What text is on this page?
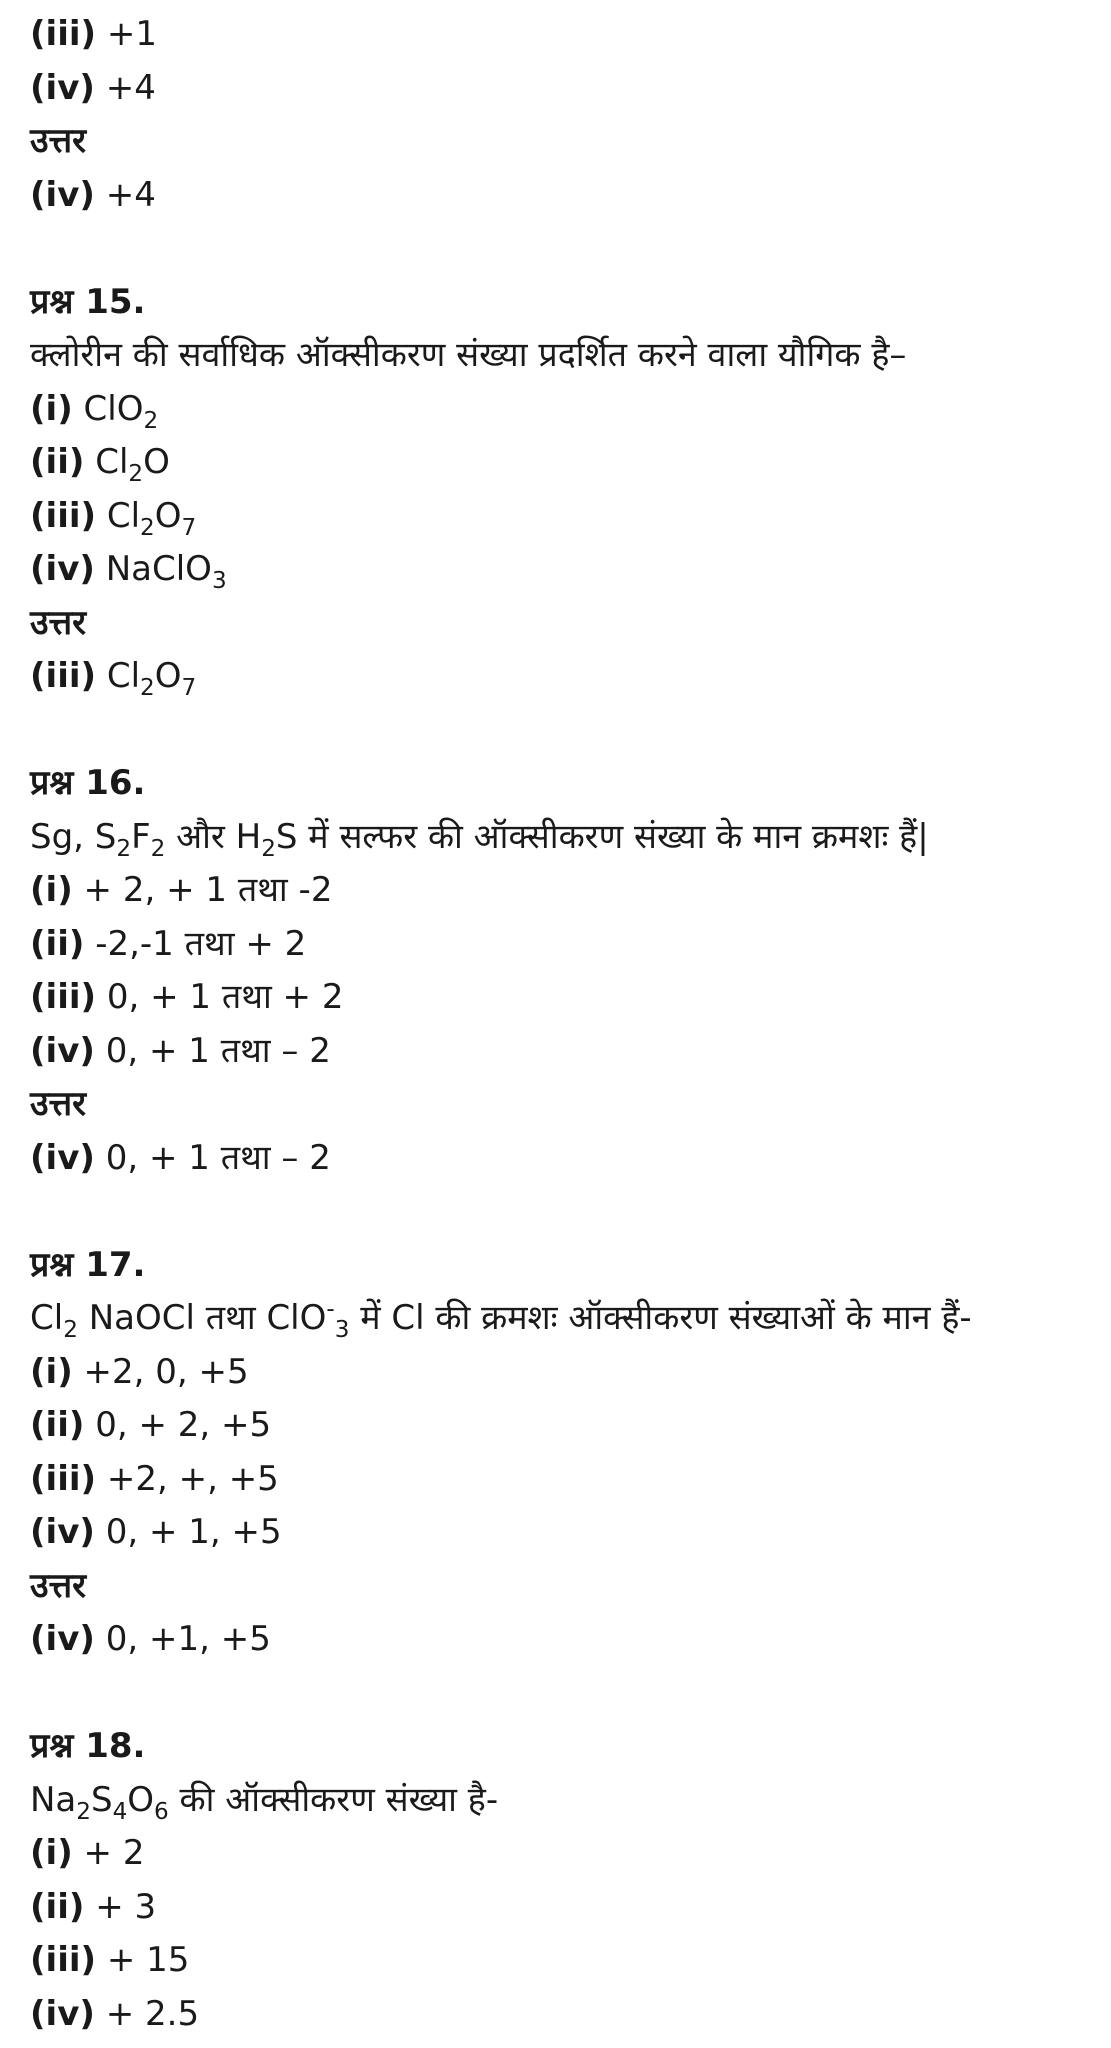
(iii) +1
(iv) +4
उत्तर
(iv) +4
प्रश्न 15.
क्लोरीन की सर्वाधिक ऑक्सीकरण संख्या प्रदर्शित करने वाला यौगिक है–
(i) ClO$_2$
(ii) $Cl_2O$
(iii) $Cl_2O_7$
(iv) NaClO$_3$
उत्तर
(iii) $Cl_2O_7$
प्रश्न 16.
Sg, $S_2F_2$ और $H_2S$ में सल्फर की ऑक्सीकरण संख्या के मान क्रमशः हैं|
(i) + 2, + 1 तथा -2
(ii) -2,-1 तथा + 2
(iii) 0, + 1 तथा + 2
(iv) 0, + 1 तथा – 2
उत्तर
(iv) 0, + 1 तथा – 2
प्रश्न 17.
$Cl_2$ NaOCl तथा ClO-$_3$ में Cl की क्रमशः ऑक्सीकरण संख्याओं के मान हैं-
(i) +2, 0, +5
(ii) 0, + 2, +5
(iii) +2, +, +5
(iv) 0, + 1, +5
उत्तर
(iv) 0, +1, +5
प्रश्न 18.
$Na_2S_4O_6$ की ऑक्सीकरण संख्या है-
(i) + 2
(ii) + 3
(iii) + 15
(iv) + 2.5
